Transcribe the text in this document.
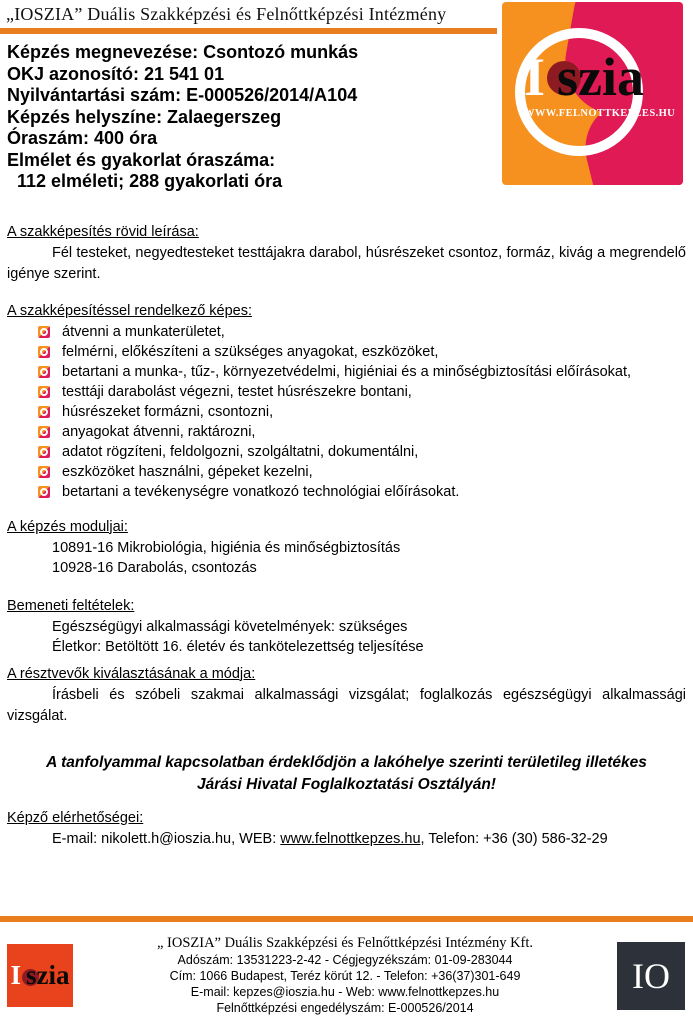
„IOSZIA” Duális Szakképzési és Felnőttképzési Intézmény
I szia
WWW.FELNOTTKEPZES.HU
Képzés megnevezése: Csontozó munkás
OKJ azonosító: 21 541 01
Nyilvántartási szám: E-000526/2014/A104
Képzés helyszíne: Zalaegerszeg
Óraszám: 400 óra
Elmélet és gyakorlat óraszáma:
112 elméleti; 288 gyakorlati óra
A szakképesítés rövid leírása:
Fél testeket, negyedtesteket testtájakra darabol, húsrészeket csontoz, formáz, kivág a megrendelő igénye szerint.
A szakképesítéssel rendelkező képes:
átvenni a munkaterületet,
felmérni, előkészíteni a szükséges anyagokat, eszközöket,
betartani a munka-, tűz-, környezetvédelmi, higiéniai és a minőségbiztosítási előírásokat,
testtáji darabolást végezni, testet húsrészekre bontani,
húsrészeket formázni, csontozni,
anyagokat átvenni, raktározni,
adatot rögzíteni, feldolgozni, szolgáltatni, dokumentálni,
eszközöket használni, gépeket kezelni,
betartani a tevékenységre vonatkozó technológiai előírásokat.
A képzés moduljai:
10891-16 Mikrobiológia, higiénia és minőségbiztosítás
10928-16 Darabolás, csontozás
Bemeneti feltételek:
Egészségügyi alkalmassági követelmények: szükséges
Életkor: Betöltött 16. életév és tankötelezettség teljesítése
A résztvevők kiválasztásának a módja:
Írásbeli és szóbeli szakmai alkalmassági vizsgálat; foglalkozás egészségügyi alkalmassági vizsgálat.
A tanfolyammal kapcsolatban érdeklődjön a lakóhelye szerinti területileg illetékes Járási Hivatal Foglalkoztatási Osztályán!
Képző elérhetőségei:
E-mail: nikolett.h@ioszia.hu, WEB: www.felnottkepzes.hu, Telefon: +36 (30) 586-32-29
I szia
„ IOSZIA” Duális Szakképzési és Felnőttképzési Intézmény Kft.
Adószám: 13531223-2-42 - Cégjegyzékszám: 01-09-283044
Cím: 1066 Budapest, Teréz körút 12. - Telefon: +36(37)301-649
E-mail: kepzes@ioszia.hu - Web: www.felnottkepzes.hu
Felnőttképzési engedélyszám: E-000526/2014
IO
